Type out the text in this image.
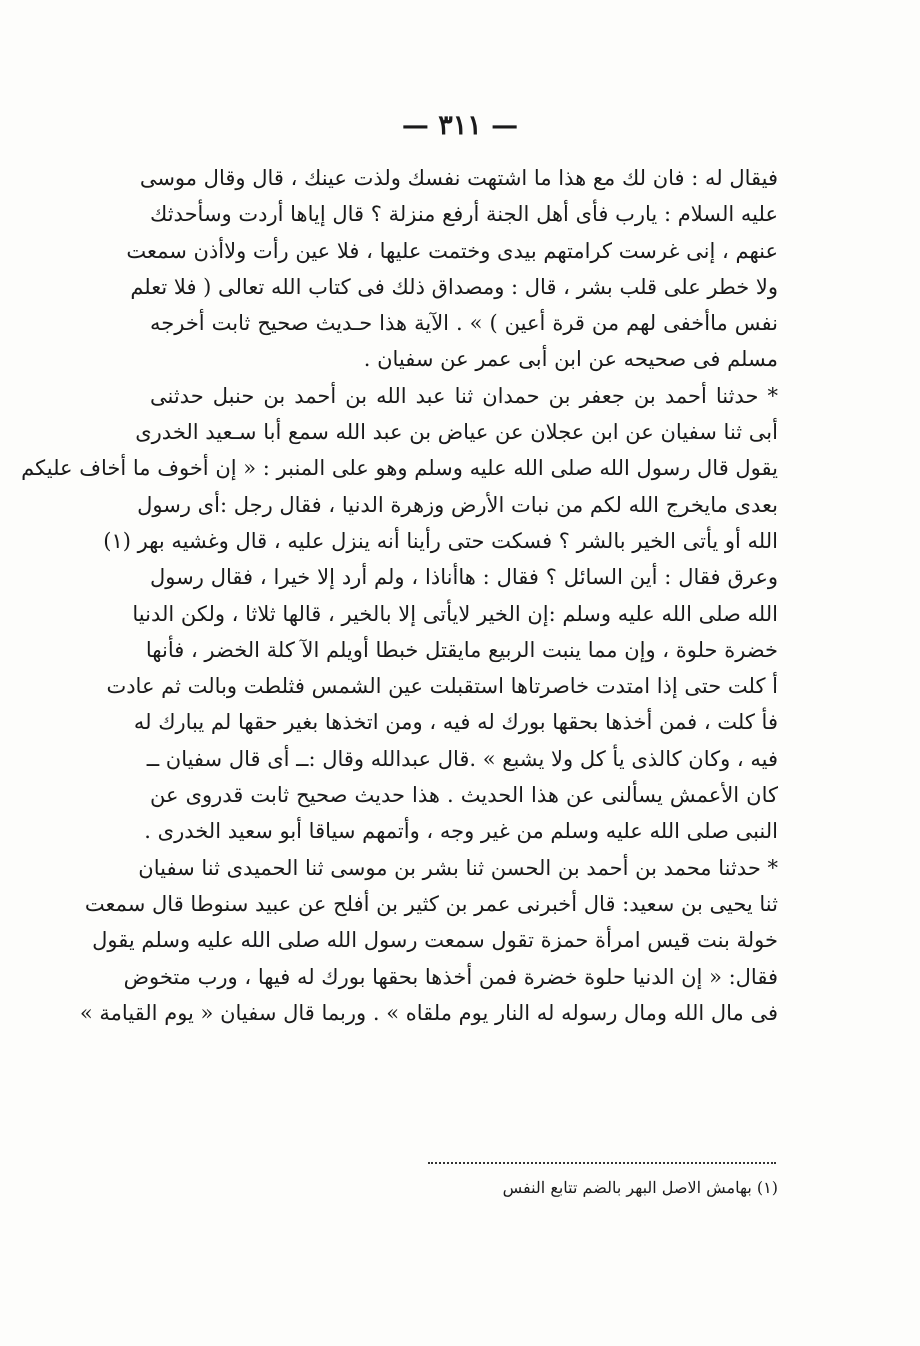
— ٣١١ —

فيقال له : فان لك مع هذا ما اشتهت نفسك ولذت عينك ، قال وقال موسى
عليه السلام : يارب فأى أهل الجنة أرفع منزلة ؟ قال إياها أردت وسأحدثك
عنهم ، إنى غرست كرامتهم بيدى وختمت عليها ، فلا عين رأت ولاأذن سمعت
ولا خطر على قلب بشر ، قال : ومصداق ذلك فى كتاب الله تعالى ( فلا تعلم
نفس ماأخفى لهم من قرة أعين ) » . الآية هذا حـديث صحيح ثابت أخرجه
مسلم فى صحيحه عن ابن أبى عمر عن سفيان .

* حدثنا أحمد بن جعفر بن حمدان ثنا عبد الله بن أحمد بن حنبل حدثنى
أبى ثنا سفيان عن ابن عجلان عن عياض بن عبد الله سمع أبا سـعيد الخدرى
يقول قال رسول الله صلى الله عليه وسلم وهو على المنبر : « إن أخوف ما أخاف عليكم
بعدى مايخرج الله لكم من نبات الأرض وزهرة الدنيا ، فقال رجل :أى رسول
الله أو يأتى الخير بالشر ؟ فسكت حتى رأينا أنه ينزل عليه ، قال وغشيه بهر (١)
وعرق فقال : أين السائل ؟ فقال : هاأناذا ، ولم أرد إلا خيرا ، فقال رسول
الله صلى الله عليه وسلم :إن الخير لايأتى إلا بالخير ، قالها ثلاثا ، ولكن الدنيا
خضرة حلوة ، وإن مما ينبت الربيع مايقتل خبطا أويلم الآ كلة الخضر ، فأنها
أ كلت حتى إذا امتدت خاصرتاها استقبلت عين الشمس فثلطت وبالت ثم عادت
فأ كلت ، فمن أخذها بحقها بورك له فيه ، ومن اتخذها بغير حقها لم يبارك له
فيه ، وكان كالذى يأ كل ولا يشبع » .قال عبدالله وقال :ــ أى قال سفيان ــ
كان الأعمش يسألنى عن هذا الحديث . هذا حديث صحيح ثابت قدروى عن
النبى صلى الله عليه وسلم من غير وجه ، وأتمهم سياقا أبو سعيد الخدرى .

* حدثنا محمد بن أحمد بن الحسن ثنا بشر بن موسى ثنا الحميدى ثنا سفيان
ثنا يحيى بن سعيد: قال أخبرنى عمر بن كثير بن أفلح عن عبيد سنوطا قال سمعت
خولة بنت قيس امرأة حمزة تقول سمعت رسول الله صلى الله عليه وسلم يقول
فقال: « إن الدنيا حلوة خضرة فمن أخذها بحقها بورك له فيها ، ورب متخوض
فى مال الله ومال رسوله له النار يوم ملقاه » . وربما قال سفيان « يوم القيامة »

(١) بهامش الاصل البهر بالضم تتابع النفس
